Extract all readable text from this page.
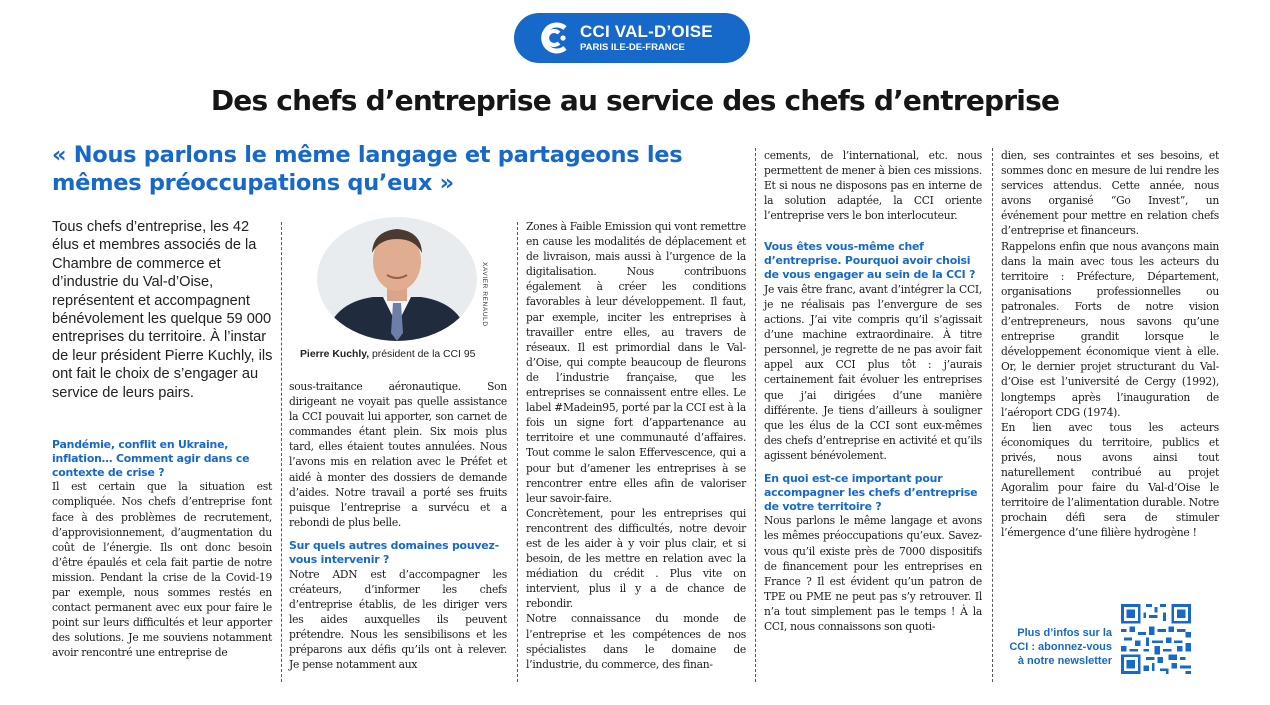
CCI VAL-D’OISE
PARIS ILE-DE-FRANCE
Des chefs d’entreprise au service des chefs d’entreprise
« Nous parlons le même langage et partageons les mêmes préoccupations qu’eux »

Tous chefs d’entreprise, les 42 élus et membres associés de la Chambre de commerce et d’industrie du Val-d’Oise, représentent et accompagnent bénévolement les quelque 59 000 entreprises du territoire. À l’instar de leur président Pierre Kuchly, ils ont fait le choix de s’engager au service de leurs pairs.

XAVIER RENAULD
Pierre Kuchly, président de la CCI 95

Pandémie, conflit en Ukraine, inflation… Comment agir dans ce contexte de crise ?

Il est certain que la situation est compliquée. Nos chefs d’entreprise font face à des problèmes de recrutement, d’approvisionnement, d’augmentation du coût de l’énergie. Ils ont donc besoin d’être épaulés et cela fait partie de notre mission. Pendant la crise de la Covid-19 par exemple, nous sommes restés en contact permanent avec eux pour faire le point sur leurs difficultés et leur apporter des solutions. Je me souviens notamment avoir rencontré une entreprise de

sous-traitance aéronautique. Son dirigeant ne voyait pas quelle assistance la CCI pouvait lui apporter, son carnet de commandes étant plein. Six mois plus tard, elles étaient toutes annulées. Nous l’avons mis en relation avec le Préfet et aidé à monter des dossiers de demande d’aides. Notre travail a porté ses fruits puisque l’entreprise a survécu et a rebondi de plus belle.

Sur quels autres domaines pouvez-vous intervenir ?

Notre ADN est d’accompagner les créateurs, d’informer les chefs d’entreprise établis, de les diriger vers les aides auxquelles ils peuvent prétendre. Nous les sensibilisons et les préparons aux défis qu’ils ont à relever. Je pense notamment aux

Zones à Faible Emission qui vont remettre en cause les modalités de déplacement et de livraison, mais aussi à l’urgence de la digitalisation. Nous contribuons également à créer les conditions favorables à leur développement. Il faut, par exemple, inciter les entreprises à travailler entre elles, au travers de réseaux. Il est primordial dans le Val-d’Oise, qui compte beaucoup de fleurons de l’industrie française, que les entreprises se connaissent entre elles. Le label #Madein95, porté par la CCI est à la fois un signe fort d’appartenance au territoire et une communauté d’affaires. Tout comme le salon Effervescence, qui a pour but d’amener les entreprises à se rencontrer entre elles afin de valoriser leur savoir-faire.

Concrètement, pour les entreprises qui rencontrent des difficultés, notre devoir est de les aider à y voir plus clair, et si besoin, de les mettre en relation avec la médiation du crédit . Plus vite on intervient, plus il y a de chance de rebondir.

Notre connaissance du monde de l’entreprise et les compétences de nos spécialistes dans le domaine de l’industrie, du commerce, des finan-

cements, de l’international, etc. nous permettent de mener à bien ces missions. Et si nous ne disposons pas en interne de la solution adaptée, la CCI oriente l’entreprise vers le bon interlocuteur.

Vous êtes vous-même chef d’entreprise. Pourquoi avoir choisi de vous engager au sein de la CCI ?

Je vais être franc, avant d’intégrer la CCI, je ne réalisais pas l’envergure de ses actions. J’ai vite compris qu’il s’agissait d’une machine extraordinaire. À titre personnel, je regrette de ne pas avoir fait appel aux CCI plus tôt : j’aurais certainement fait évoluer les entreprises que j’ai dirigées d’une manière différente. Je tiens d’ailleurs à souligner que les élus de la CCI sont eux-mêmes des chefs d’entreprise en activité et qu’ils agissent bénévolement.

En quoi est-ce important pour accompagner les chefs d’entreprise de votre territoire ?

Nous parlons le même langage et avons les mêmes préoccupations qu’eux. Savez-vous qu’il existe près de 7000 dispositifs de financement pour les entreprises en France ? Il est évident qu’un patron de TPE ou PME ne peut pas s’y retrouver. Il n’a tout simplement pas le temps ! À la CCI, nous connaissons son quoti-

dien, ses contraintes et ses besoins, et sommes donc en mesure de lui rendre les services attendus. Cette année, nous avons organisé “Go Invest”, un événement pour mettre en relation chefs d’entreprise et financeurs.

Rappelons enfin que nous avançons main dans la main avec tous les acteurs du territoire : Préfecture, Département, organisations professionnelles ou patronales. Forts de notre vision d’entrepreneurs, nous savons qu’une entreprise grandit lorsque le développement économique vient à elle. Or, le dernier projet structurant du Val-d’Oise est l’université de Cergy (1992), longtemps après l’inauguration de l’aéroport CDG (1974).

En lien avec tous les acteurs économiques du territoire, publics et privés, nous avons ainsi tout naturellement contribué au projet Agoralim pour faire du Val-d’Oise le territoire de l’alimentation durable. Notre prochain défi sera de stimuler l’émergence d’une filière hydrogène !

Plus d’infos sur la CCI : abonnez-vous à notre newsletter
